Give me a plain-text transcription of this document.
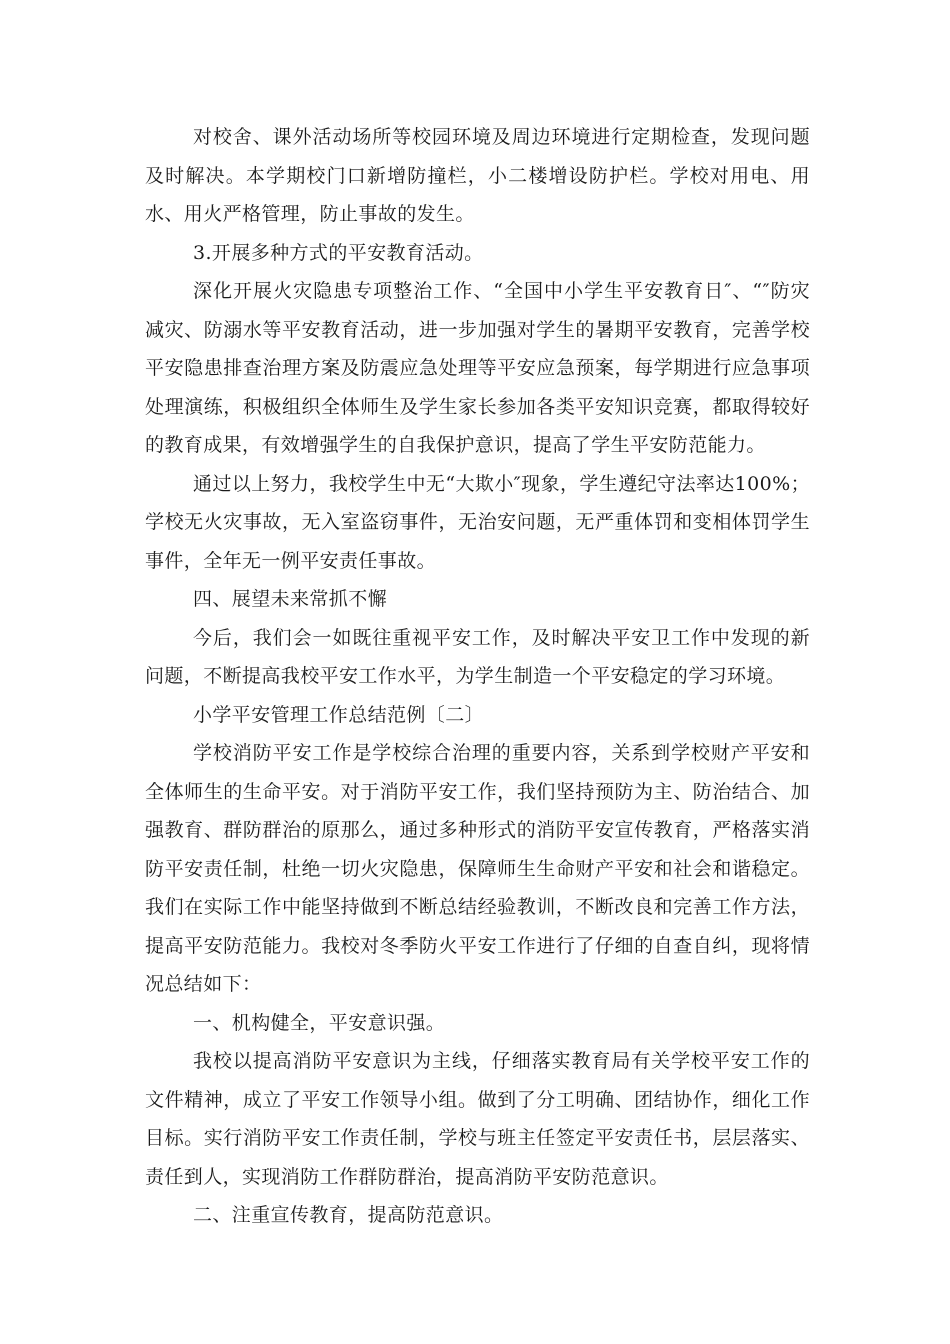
对校舍、课外活动场所等校园环境及周边环境进行定期检查，发现问题及时解决。本学期校门口新增防撞栏，小二楼增设防护栏。学校对用电、用水、用火严格管理，防止事故的发生。

3.开展多种方式的平安教育活动。

深化开展火灾隐患专项整治工作、“全国中小学生平安教育日″、“″防灾减灾、防溺水等平安教育活动，进一步加强对学生的暑期平安教育，完善学校平安隐患排查治理方案及防震应急处理等平安应急预案，每学期进行应急事项处理演练，积极组织全体师生及学生家长参加各类平安知识竞赛，都取得较好的教育成果，有效增强学生的自我保护意识，提高了学生平安防范能力。

通过以上努力，我校学生中无“大欺小″现象，学生遵纪守法率达100%；学校无火灾事故，无入室盗窃事件，无治安问题，无严重体罚和变相体罚学生事件，全年无一例平安责任事故。

四、展望未来常抓不懈

今后，我们会一如既往重视平安工作，及时解决平安卫工作中发现的新问题，不断提高我校平安工作水平，为学生制造一个平安稳定的学习环境。

小学平安管理工作总结范例〔二〕

学校消防平安工作是学校综合治理的重要内容，关系到学校财产平安和全体师生的生命平安。对于消防平安工作，我们坚持预防为主、防治结合、加强教育、群防群治的原那么，通过多种形式的消防平安宣传教育，严格落实消防平安责任制，杜绝一切火灾隐患，保障师生生命财产平安和社会和谐稳定。我们在实际工作中能坚持做到不断总结经验教训，不断改良和完善工作方法，提高平安防范能力。我校对冬季防火平安工作进行了仔细的自查自纠，现将情况总结如下：

一、机构健全，平安意识强。

我校以提高消防平安意识为主线，仔细落实教育局有关学校平安工作的文件精神，成立了平安工作领导小组。做到了分工明确、团结协作，细化工作目标。实行消防平安工作责任制，学校与班主任签定平安责任书，层层落实、责任到人，实现消防工作群防群治，提高消防平安防范意识。

二、注重宣传教育，提高防范意识。
